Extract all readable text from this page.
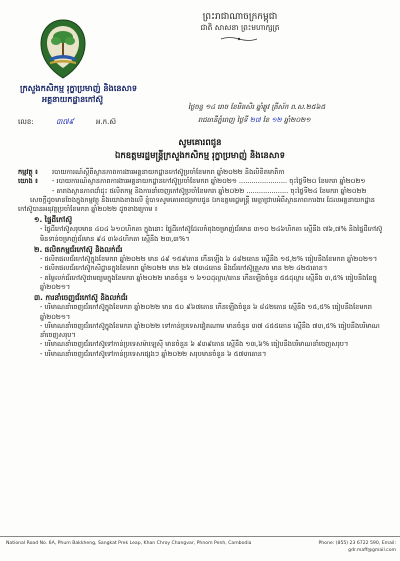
ព្រះរាជាណាចក្រកម្ពុជា
ជាតិ សាសនា ព្រះមហាក្សត្រ
ក្រសួងកសិកម្ម រុក្ខាប្រមាញ់ និងនេសាទ
អគ្គនាយកដ្ឋានកៅស៊ូ
ថ្ងៃចន្ទ ១៤ រោច ខែមិគសិរ ឆ្នាំឆ្លូវ ត្រីស័ក ព.ស.២៥៦៥
លេខ:	៣៧៩	អ.ក.ស៊	រាជធានីភ្នំពេញ ថ្ងៃទី ២៧ ខែ ១២ ឆ្នាំ២០២១
សូមគោរពជូន
ឯកឧត្តមរដ្ឋមន្ត្រីក្រសួងកសិកម្ម រុក្ខាប្រមាញ់ និងនេសាទ
កម្មវត្ថុ ៖	របាយការណ៍ស្ដីពីស្ថានភាពការងារអគ្គនាយកដ្ឋានកៅស៊ូប្រចាំខែមករា ឆ្នាំ២០២២ និងលិខិតមាតិកា
យោង ៖	- របាយការណ៍ស្ថានភាពការងារអគ្គនាយកដ្ឋានកៅស៊ូប្រចាំខែមករា ឆ្នាំ២០២១ ....................... ចុះថ្ងៃទី២០ ខែមករា ឆ្នាំ២០២១
- តារាងស្ថានភាពដាំដុះ ផលិតកម្ម និងការនាំចេញកៅស៊ូប្រចាំខែមករា ឆ្នាំ២០២២ .................... ចុះថ្ងៃទី២៤ ខែមករា ឆ្នាំ២០២២

សេចក្ដីដូចមានចែងក្នុងកម្មវត្ថុ និងយោងខាងលើ ខ្ញុំបាទសូមគោរពជម្រាបជូន ឯកឧត្តមរដ្ឋមន្ត្រី មេត្តាជ្រាបអំពីស្ថានភាពការងារ ដែលអគ្គនាយកដ្ឋានកៅស៊ូបានអនុវត្តប្រចាំខែមករា ឆ្នាំ២០២២ ដូចខាងក្រោម ៖

១. ផ្ទៃដីកៅស៊ូ

- ផ្ទៃដីកៅស៊ូសរុបមាន ៤០៤ ៦១០ហិកតា ក្នុងនោះ ផ្ទៃដីកៅស៊ូដែលកំពុងចម្រាញ់ជ័រមាន ៣១០ ២៤៦ហិកតា ស្មើនឹង ៧៦,៧% និងផ្ទៃដីកៅស៊ូមិនទាន់ចម្រាញ់ជ័រមាន ៩៤ ៣៦៤ហិកតា ស្មើនឹង ២៣,៣%។

២. ផលិតកម្មជ័រកៅស៊ូ និងលក់ជ័រ

- ផលិតផលជ័រកៅស៊ូក្នុងខែមករា ឆ្នាំ២០២២ មាន ៤៩ ១៥៩តោន កើនឡើង ៦ ៤៨២តោន ស្មើនឹង ១៥,២% ធៀបនឹងខែមករា ឆ្នាំ២០២១។

- ផលិតផលជ័រកៅស៊ូកសិដ្ឋានក្នុងខែមករា ឆ្នាំ២០២២ មាន ២៦ ៧៣៤តោន និងជ័រកៅស៊ូគ្រួសារ មាន ២២ ៤២៥តោន។

- តម្លៃលក់ជ័រកៅស៊ូជាមធ្យមក្នុងខែមករា ឆ្នាំ២០២២ មានចំនួន ១ ៦១០ដុល្លារ/តោន កើនឡើងចំនួន ៥៥ដុល្លារ ស្មើនឹង ៣,៥% ធៀបនឹងខែធ្នូ ឆ្នាំ២០២១។

៣. ការនាំចេញជ័រកៅស៊ូ និងលក់ជ័រ

- បរិមាណនាំចេញជ័រកៅស៊ូក្នុងខែមករា ឆ្នាំ២០២២ មាន ៥០ ៩៦៧តោន កើនឡើងចំនួន ៦ ៨៤២តោន ស្មើនឹង ១៥,៥% ធៀបនឹងខែមករា ឆ្នាំ២០២១។

- បរិមាណនាំចេញជ័រកៅស៊ូក្នុងខែមករា ឆ្នាំ២០២២ ទៅកាន់ប្រទេសវៀតណាម មានចំនួន ៣៧ ៤៥៥តោន ស្មើនឹង ៧៣,៥% ធៀបនឹងបរិមាណនាំចេញសរុប។

- បរិមាណនាំចេញជ័រកៅស៊ូទៅកាន់ប្រទេសម៉ាឡេស៊ី មានចំនួន ៦ ៩៣៩តោន ស្មើនឹង ១៣,៦% ធៀបនឹងបរិមាណនាំចេញសរុប។

- បរិមាណនាំចេញជ័រកៅស៊ូទៅកាន់ប្រទេសផ្សេងៗ ឆ្នាំ២០២២ សរុបមានចំនួន ៦ ៥៧៣តោន។

National Road No. 6A, Phum Bakkheng, Sangkat Prek Leap, Khan Chroy Changvar, Phnom Penh, Cambodia	Phone: (855) 23 6722 590, Email: gdr.maff@gmail.com
